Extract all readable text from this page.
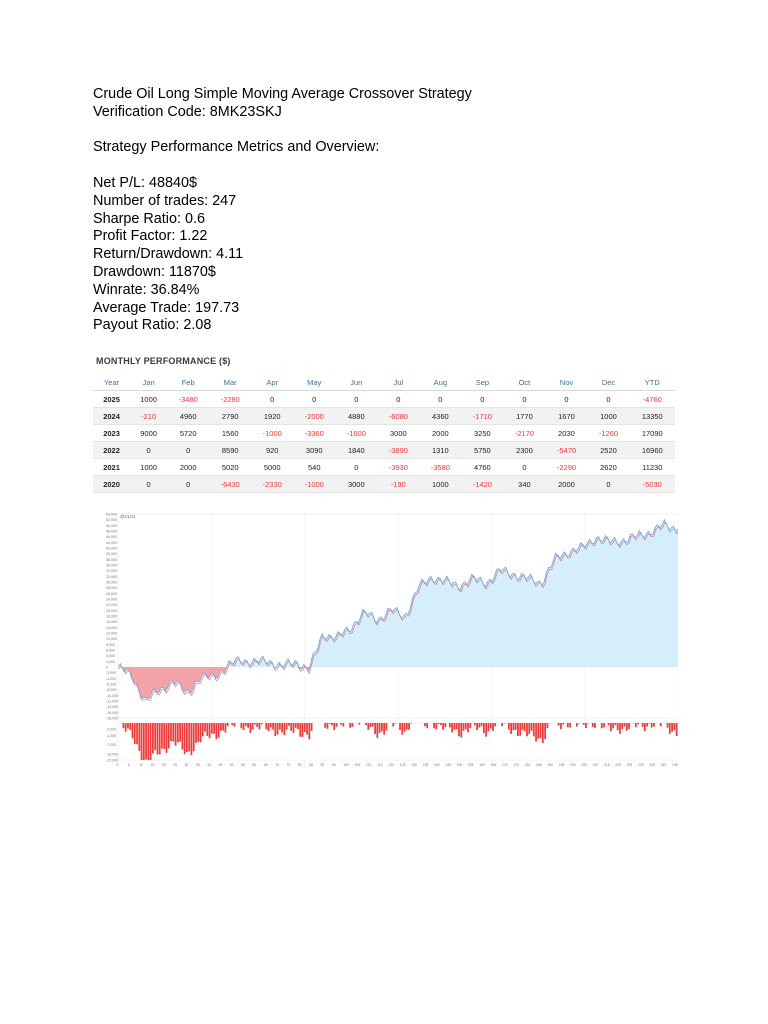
Crude Oil Long Simple Moving Average Crossover Strategy
Verification Code: 8MK23SKJ
Strategy Performance Metrics and Overview:
Net P/L: 48840$
Number of trades: 247
Sharpe Ratio: 0.6
Profit Factor: 1.22
Return/Drawdown: 4.11
Drawdown: 11870$
Winrate: 36.84%
Average Trade: 197.73
Payout Ratio: 2.08
MONTHLY PERFORMANCE ($)
Year	Jan	Feb	Mar	Apr	May	Jun	Jul	Aug	Sep	Oct	Nov	Dec	YTD
2025	1000	-3480	-2280	0	0	0	0	0	0	0	0	0	-4760
2024	-210	4960	2790	1920	-2000	4880	-6080	4360	-1710	1770	1670	1000	13350
2023	9000	5720	1560	-1000	-3360	-1600	3000	2000	3250	-2170	2030	-1260	17090
2022	0	0	8590	920	3090	1840	-3890	1310	5750	2300	-5470	2520	16960
2021	1000	2000	5020	5000	540	0	-3930	-3580	4760	0	-2290	2620	11230
2020	0	0	-6430	-2330	-1000	3000	-190	1000	-1420	340	2000	0	-5030
54,000
52,000
50,000
48,000
46,000
44,000
42,000
40,000
38,000
36,000
34,000
32,000
30,000
28,000
26,000
24,000
22,000
20,000
18,000
16,000
14,000
12,000
10,000
8,000
6,000
4,000
2,000
0
-2,000
-4,000
-6,000
-8,000
-10,000
-12,000
-14,000
-16,000
-18,000
@CL01
-2,000
-4,000
-7,000
-10,000
-12,000
0	5	10 15 20 25 30 35 40 45 50 55 60 65 70 75 80 85 90 95 100 105 110 115 120 125 130 135 140 145 150 155 160 165 170 175 180 185 190 195 200 205 210 215 220 225 230 235 240 245
